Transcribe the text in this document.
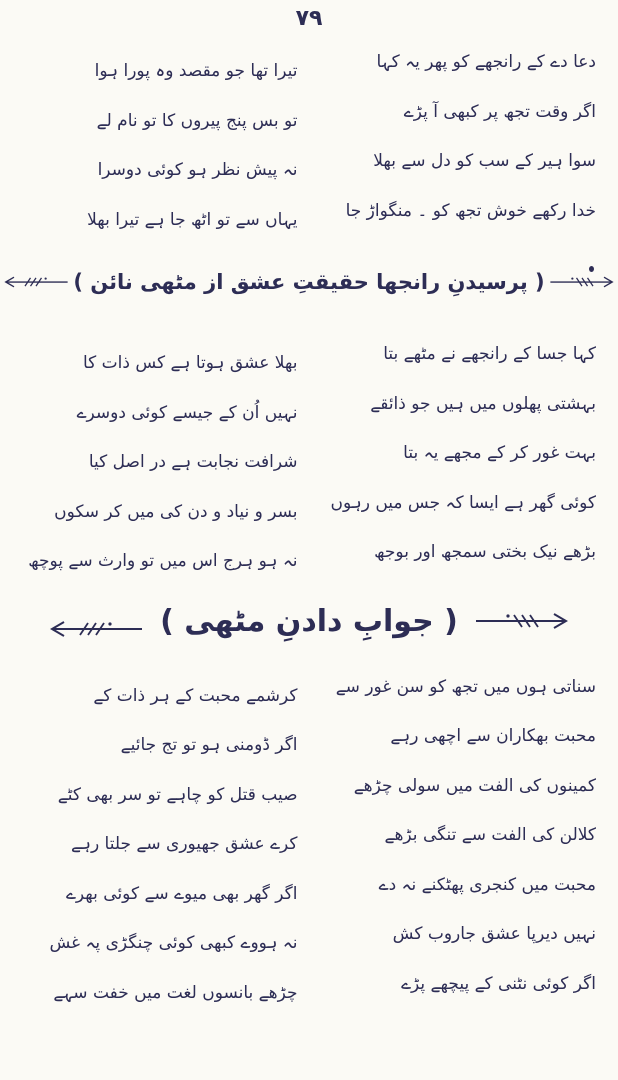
۷۹
دعا دے کے رانجھے کو پھر یہ کہا
تیرا تھا جو مقصد وہ پورا ہوا
اگر وقت تجھ پر کبھی آ پڑے
تو بس پنج پیروں کا تو نام لے
سوا ہیر کے سب کو دل سے بھلا
نہ پیش نظر ہو کوئی دوسرا
خدا رکھے خوش تجھ کو ۔ منگواڑ جا
یہاں سے تو اٹھ جا ہے تیرا بھلا
( پرسیدنِ رانجھا حقیقتِ عشق از مٹھی نائن )
کہا جسا کے رانجھے نے مٹھے بتا
بھلا عشق ہوتا ہے کس ذات کا
بہشتی پھلوں میں ہیں جو ذائقے
نہیں اُن کے جیسے کوئی دوسرے
بہت غور کر کے مجھے یہ بتا
شرافت نجابت ہے در اصل کیا
کوئی گھر ہے ایسا کہ جس میں رہوں
بسر و نیاد و دن کی میں کر سکوں
بڑھے نیک بختی سمجھ اور بوجھ
نہ ہو ہرج اس میں تو وارث سے پوچھ
( جوابِ دادنِ مٹھی )
سناتی ہوں میں تجھ کو سن غور سے
کرشمے محبت کے ہر ذات کے
محبت بھکاران سے اچھی رہے
اگر ڈومنی ہو تو تج جائیے
کمینوں کی الفت میں سولی چڑھے
صیب قتل کو چاہے تو سر بھی کٹے
کلالن کی الفت سے تنگی بڑھے
کرے عشق جھیوری سے جلتا رہے
محبت میں کنجری پھٹکنے نہ دے
اگر گھر بھی میوے سے کوئی بھرے
نہیں دیرپا عشق جاروب کش
نہ ہووے کبھی کوئی چنگڑی پہ غش
اگر کوئی نٹنی کے پیچھے پڑے
چڑھے بانسوں لغت میں خفت سہے
